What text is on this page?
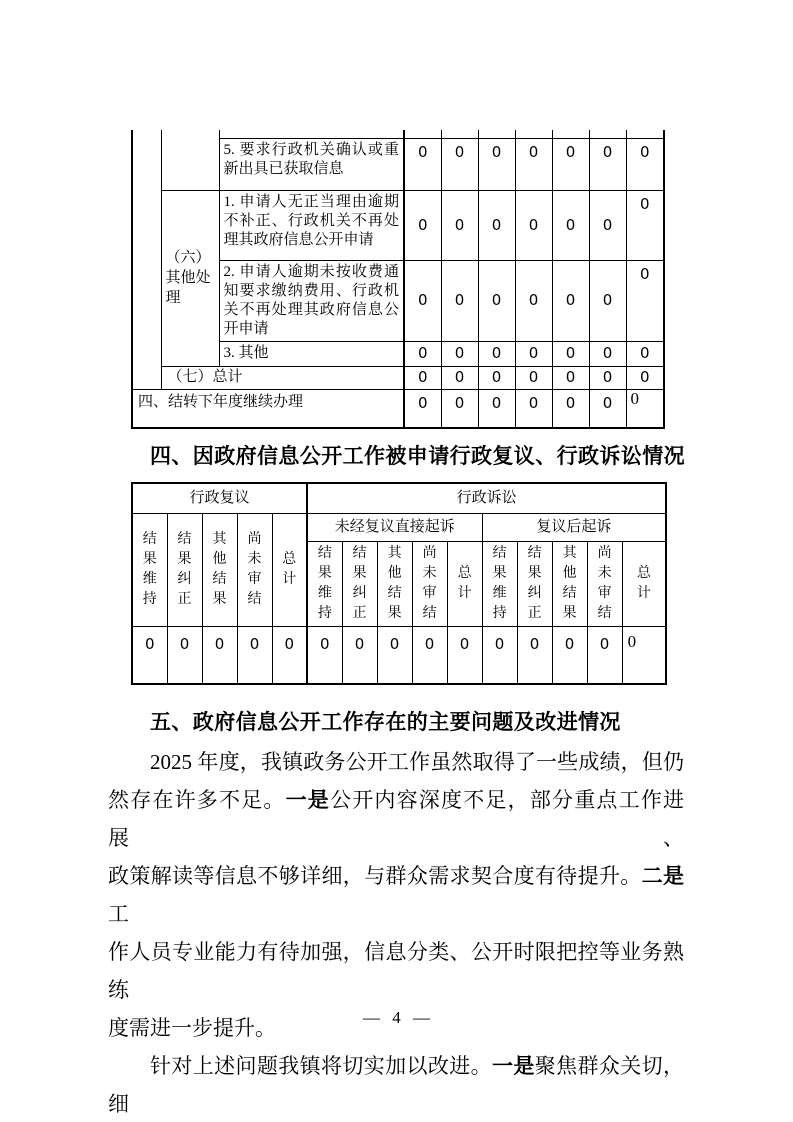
		5. 要求行政机关确认或重新出具已获取信息	0	0	0	0	0	0	0
	（六）其他处理	1. 申请人无正当理由逾期不补正、行政机关不再处理其政府信息公开申请	0	0	0	0	0	0	0
		2. 申请人逾期未按收费通知要求缴纳费用、行政机关不再处理其政府信息公开申请	0	0	0	0	0	0	0
		3. 其他	0	0	0	0	0	0	0
	（七）总计		0	0	0	0	0	0	0
四、结转下年度继续办理			0	0	0	0	0	0	0
四、因政府信息公开工作被申请行政复议、行政诉讼情况
行政复议					行政诉讼									

结果维持	结果纠正	其他结果	尚未审结	总计	未经复议直接起诉					复议后起诉				

					结果维持	结果纠正	其他结果	尚未审结	总计	结果维持	结果纠正	其他结果	尚未审结	总计

0	0	0	0	0	0	0	0	0	0	0	0	0	0	0
五、政府信息公开工作存在的主要问题及改进情况
2025 年度，我镇政务公开工作虽然取得了一些成绩，但仍
然存在许多不足。一是公开内容深度不足，部分重点工作进展、
政策解读等信息不够详细，与群众需求契合度有待提升。二是工
作人员专业能力有待加强，信息分类、公开时限把控等业务熟练
度需进一步提升。
针对上述问题我镇将切实加以改进。一是聚焦群众关切，细
— 4 —
